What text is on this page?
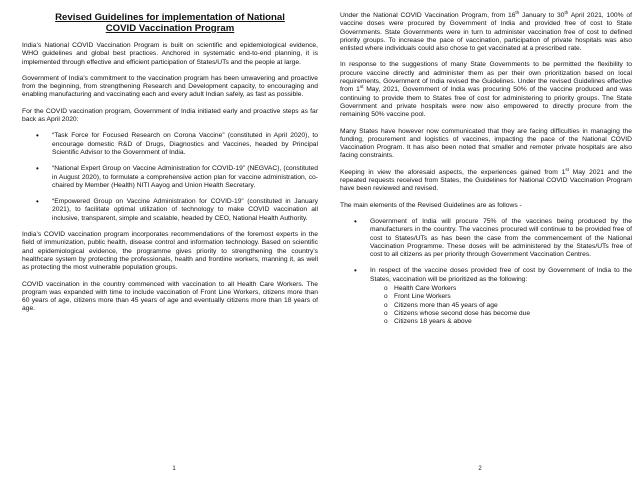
Revised Guidelines for implementation of National
COVID Vaccination Program

India’s National COVID Vaccination Program is built on scientific and epidemiological evidence, WHO guidelines and global best practices. Anchored in systematic end-to-end planning, it is implemented through effective and efficient participation of States/UTs and the people at large.

Government of India’s commitment to the vaccination program has been unwavering and proactive from the beginning, from strengthening Research and Development capacity, to encouraging and enabling manufacturing and vaccinating each and every adult Indian safely, as fast as possible.

For the COVID vaccination program, Government of India initiated early and proactive steps as far back as April 2020:

• “Task Force for Focused Research on Corona Vaccine” (constituted in April 2020), to encourage domestic R&D of Drugs, Diagnostics and Vaccines, headed by Principal Scientific Advisor to the Government of India.
• “National Expert Group on Vaccine Administration for COVID-19” (NEGVAC), (constituted in August 2020), to formulate a comprehensive action plan for vaccine administration, co-chaired by Member (Health) NITI Aayog and Union Health Secretary.
• “Empowered Group on Vaccine Administration for COVID-19” (constituted in January 2021), to facilitate optimal utilization of technology to make COVID vaccination all inclusive, transparent, simple and scalable, headed by CEO, National Health Authority.

India’s COVID vaccination program incorporates recommendations of the foremost experts in the field of immunization, public health, disease control and information technology. Based on scientific and epidemiological evidence, the programme gives priority to strengthening the country’s healthcare system by protecting the professionals, health and frontline workers, manning it, as well as protecting the most vulnerable population groups.

COVID vaccination in the country commenced with vaccination to all Health Care Workers. The program was expanded with time to include vaccination of Front Line Workers, citizens more than 60 years of age, citizens more than 45 years of age and eventually citizens more than 18 years of age.

1

Under the National COVID Vaccination Program, from 16th January to 30th April 2021, 100% of vaccine doses were procured by Government of India and provided free of cost to State Governments. State Governments were in turn to administer vaccination free of cost to defined priority groups. To increase the pace of vaccination, participation of private hospitals was also enlisted where individuals could also chose to get vaccinated at a prescribed rate.

In response to the suggestions of many State Governments to be permitted the flexibility to procure vaccine directly and administer them as per their own prioritization based on local requirements, Government of India revised the Guidelines. Under the revised Guidelines effective from 1st May, 2021, Government of India was procuring 50% of the vaccine produced and was continuing to provide them to States free of cost for administering to priority groups. The State Government and private hospitals were now also empowered to directly procure from the remaining 50% vaccine pool.

Many States have however now communicated that they are facing difficulties in managing the funding, procurement and logistics of vaccines, impacting the pace of the National COVID Vaccination Program. It has also been noted that smaller and remoter private hospitals are also facing constraints.

Keeping in view the aforesaid aspects, the experiences gained from 1st May 2021 and the repeated requests received from States, the Guidelines for National COVID Vaccination Program have been reviewed and revised.

The main elements of the Revised Guidelines are as follows -

• Government of India will procure 75% of the vaccines being produced by the manufacturers in the country. The vaccines procured will continue to be provided free of cost to States/UTs as has been the case from the commencement of the National Vaccination Programme. These doses will be administered by the States/UTs free of cost to all citizens as per priority through Government Vaccination Centres.
• In respect of the vaccine doses provided free of cost by Government of India to the States, vaccination will be prioritized as the following:
o Health Care Workers
o Front Line Workers
o Citizens more than 45 years of age
o Citizens whose second dose has become due
o Citizens 18 years & above
2
